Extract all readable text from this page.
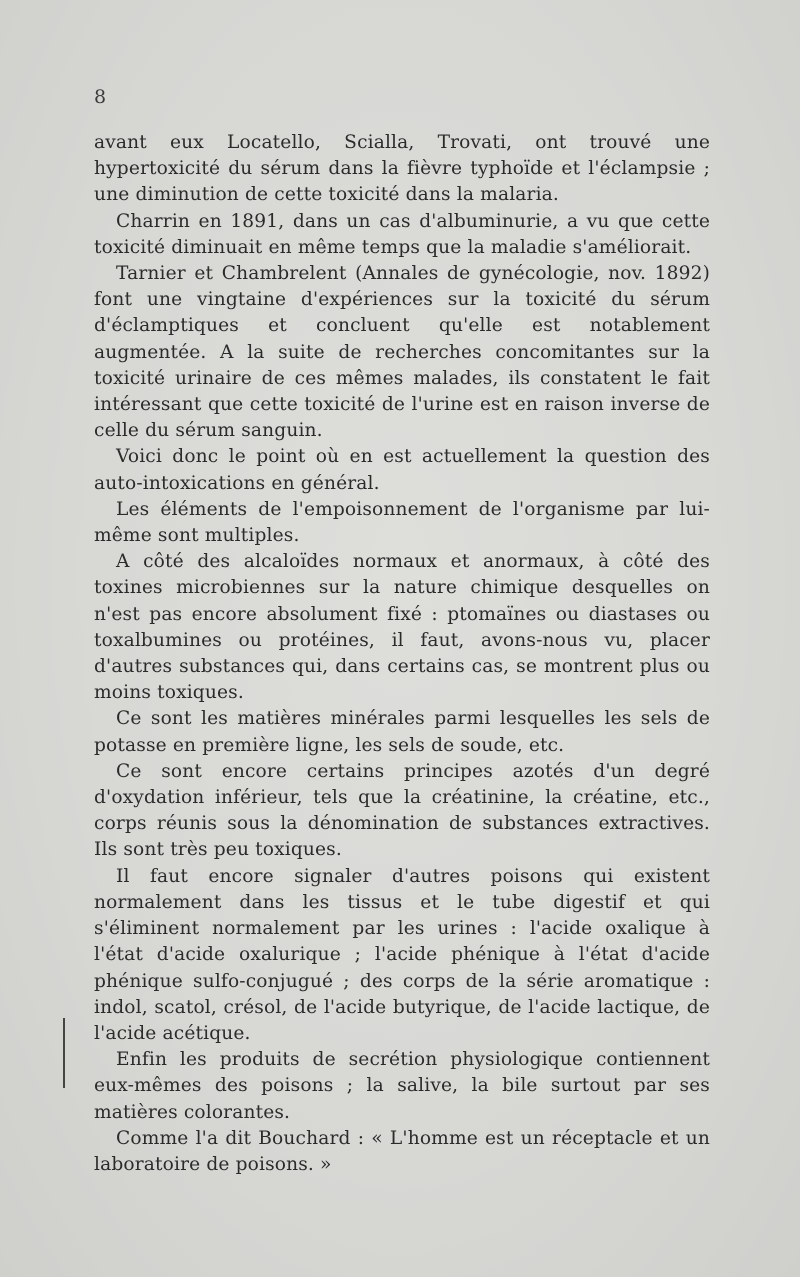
8

avant eux Locatello, Scialla, Trovati, ont trouvé une hypertoxicité du sérum dans la fièvre typhoïde et l'éclampsie ; une diminution de cette toxicité dans la malaria.

Charrin en 1891, dans un cas d'albuminurie, a vu que cette toxicité diminuait en même temps que la maladie s'améliorait.

Tarnier et Chambrelent (Annales de gynécologie, nov. 1892) font une vingtaine d'expériences sur la toxicité du sérum d'éclamptiques et concluent qu'elle est notablement augmentée. A la suite de recherches concomitantes sur la toxicité urinaire de ces mêmes malades, ils constatent le fait intéressant que cette toxicité de l'urine est en raison inverse de celle du sérum sanguin.

Voici donc le point où en est actuellement la question des auto-intoxications en général.

Les éléments de l'empoisonnement de l'organisme par lui-même sont multiples.

A côté des alcaloïdes normaux et anormaux, à côté des toxines microbiennes sur la nature chimique desquelles on n'est pas encore absolument fixé : ptomaïnes ou diastases ou toxalbumines ou protéines, il faut, avons-nous vu, placer d'autres substances qui, dans certains cas, se montrent plus ou moins toxiques.

Ce sont les matières minérales parmi lesquelles les sels de potasse en première ligne, les sels de soude, etc.

Ce sont encore certains principes azotés d'un degré d'oxydation inférieur, tels que la créatinine, la créatine, etc., corps réunis sous la dénomination de substances extractives. Ils sont très peu toxiques.

Il faut encore signaler d'autres poisons qui existent normalement dans les tissus et le tube digestif et qui s'éliminent normalement par les urines : l'acide oxalique à l'état d'acide oxalurique ; l'acide phénique à l'état d'acide phénique sulfo-conjugué ; des corps de la série aromatique : indol, scatol, crésol, de l'acide butyrique, de l'acide lactique, de l'acide acétique.

Enfin les produits de secrétion physiologique contiennent eux-mêmes des poisons ; la salive, la bile surtout par ses matières colorantes.

Comme l'a dit Bouchard : « L'homme est un réceptacle et un laboratoire de poisons. »
